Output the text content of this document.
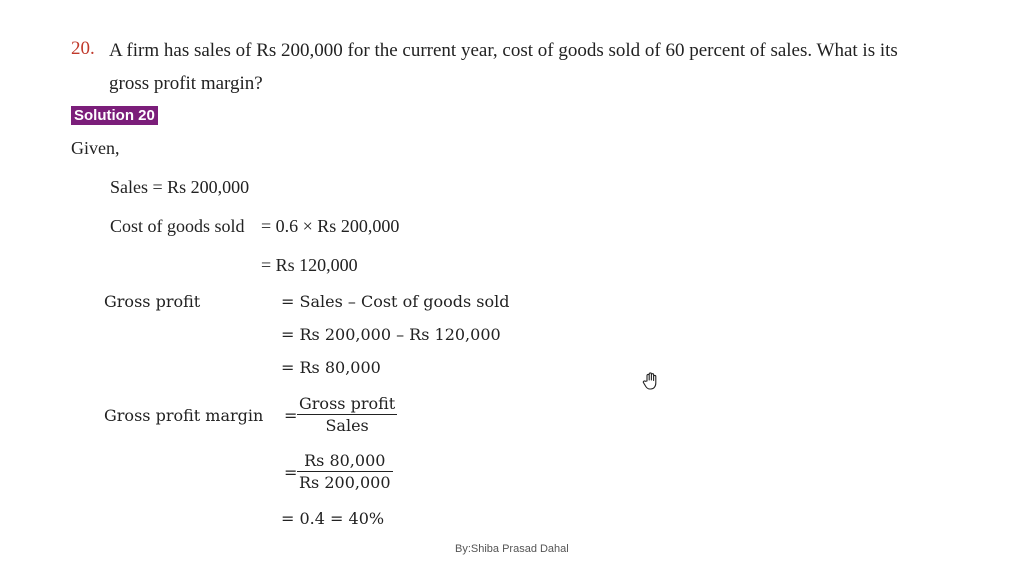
20. A firm has sales of Rs 200,000 for the current year, cost of goods sold of 60 percent of sales. What is its
gross profit margin?
Solution 20
Given,
Sales = Rs 200,000
Cost of goods sold = 0.6 × Rs 200,000
= Rs 120,000
Gross profit	= Sales – Cost of goods sold
= Rs 200,000 – Rs 120,000
= Rs 80,000
Gross profit margin =
Gross profit
Sales
= $\frac{Rs 80,000}{Rs 200,000}$
= 0.4 = 40%
By:Shiba Prasad Dahal
